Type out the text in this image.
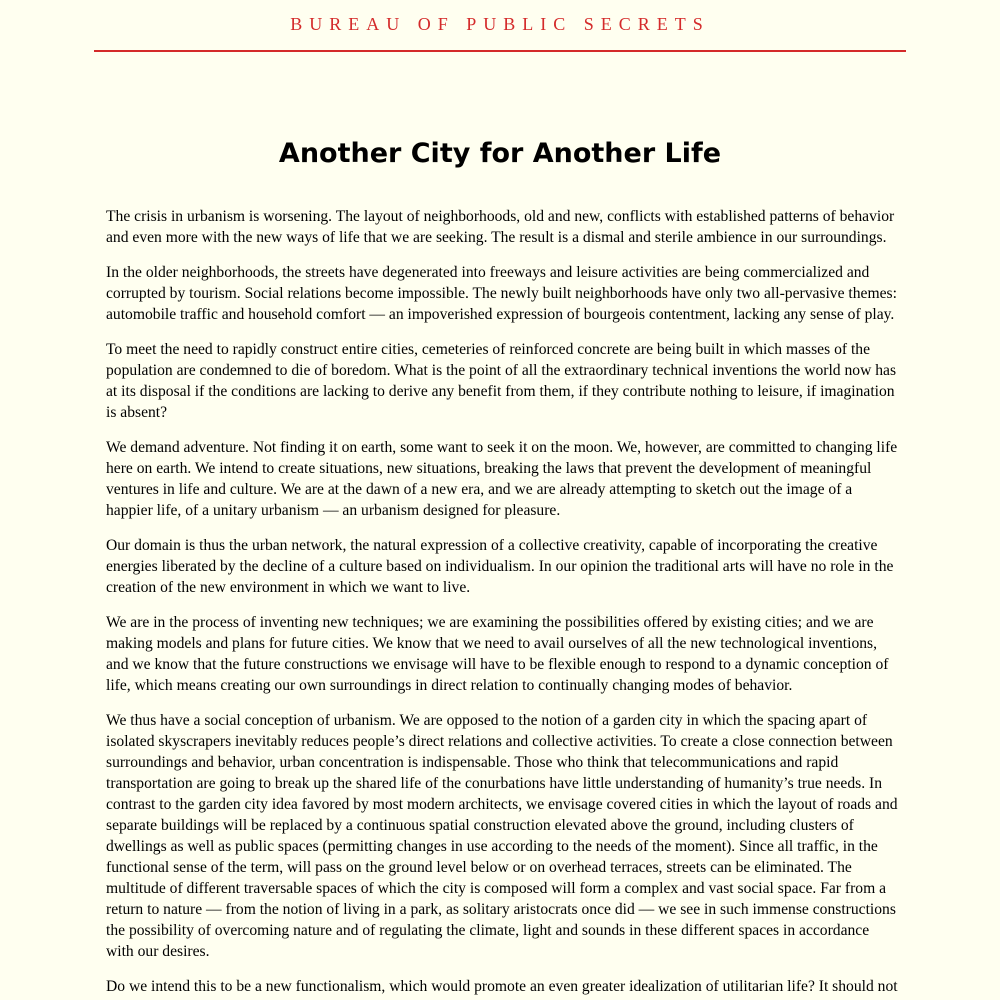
BUREAU OF PUBLIC SECRETS
Another City for Another Life

The crisis in urbanism is worsening. The layout of neighborhoods, old and new, conflicts with established patterns of behavior and even more with the new ways of life that we are seeking. The result is a dismal and sterile ambience in our surroundings.

In the older neighborhoods, the streets have degenerated into freeways and leisure activities are being commercialized and corrupted by tourism. Social relations become impossible. The newly built neighborhoods have only two all-pervasive themes: automobile traffic and household comfort — an impoverished expression of bourgeois contentment, lacking any sense of play.

To meet the need to rapidly construct entire cities, cemeteries of reinforced concrete are being built in which masses of the population are condemned to die of boredom. What is the point of all the extraordinary technical inventions the world now has at its disposal if the conditions are lacking to derive any benefit from them, if they contribute nothing to leisure, if imagination is absent?

We demand adventure. Not finding it on earth, some want to seek it on the moon. We, however, are committed to changing life here on earth. We intend to create situations, new situations, breaking the laws that prevent the development of meaningful ventures in life and culture. We are at the dawn of a new era, and we are already attempting to sketch out the image of a happier life, of a unitary urbanism — an urbanism designed for pleasure.

Our domain is thus the urban network, the natural expression of a collective creativity, capable of incorporating the creative energies liberated by the decline of a culture based on individualism. In our opinion the traditional arts will have no role in the creation of the new environment in which we want to live.

We are in the process of inventing new techniques; we are examining the possibilities offered by existing cities; and we are making models and plans for future cities. We know that we need to avail ourselves of all the new technological inventions, and we know that the future constructions we envisage will have to be flexible enough to respond to a dynamic conception of life, which means creating our own surroundings in direct relation to continually changing modes of behavior.

We thus have a social conception of urbanism. We are opposed to the notion of a garden city in which the spacing apart of isolated skyscrapers inevitably reduces people’s direct relations and collective activities. To create a close connection between surroundings and behavior, urban concentration is indispensable. Those who think that telecommunications and rapid transportation are going to break up the shared life of the conurbations have little understanding of humanity’s true needs. In contrast to the garden city idea favored by most modern architects, we envisage covered cities in which the layout of roads and separate buildings will be replaced by a continuous spatial construction elevated above the ground, including clusters of dwellings as well as public spaces (permitting changes in use according to the needs of the moment). Since all traffic, in the functional sense of the term, will pass on the ground level below or on overhead terraces, streets can be eliminated. The multitude of different traversable spaces of which the city is composed will form a complex and vast social space. Far from a return to nature — from the notion of living in a park, as solitary aristocrats once did — we see in such immense constructions the possibility of overcoming nature and of regulating the climate, light and sounds in these different spaces in accordance with our desires.

Do we intend this to be a new functionalism, which would promote an even greater idealization of utilitarian life? It should not
